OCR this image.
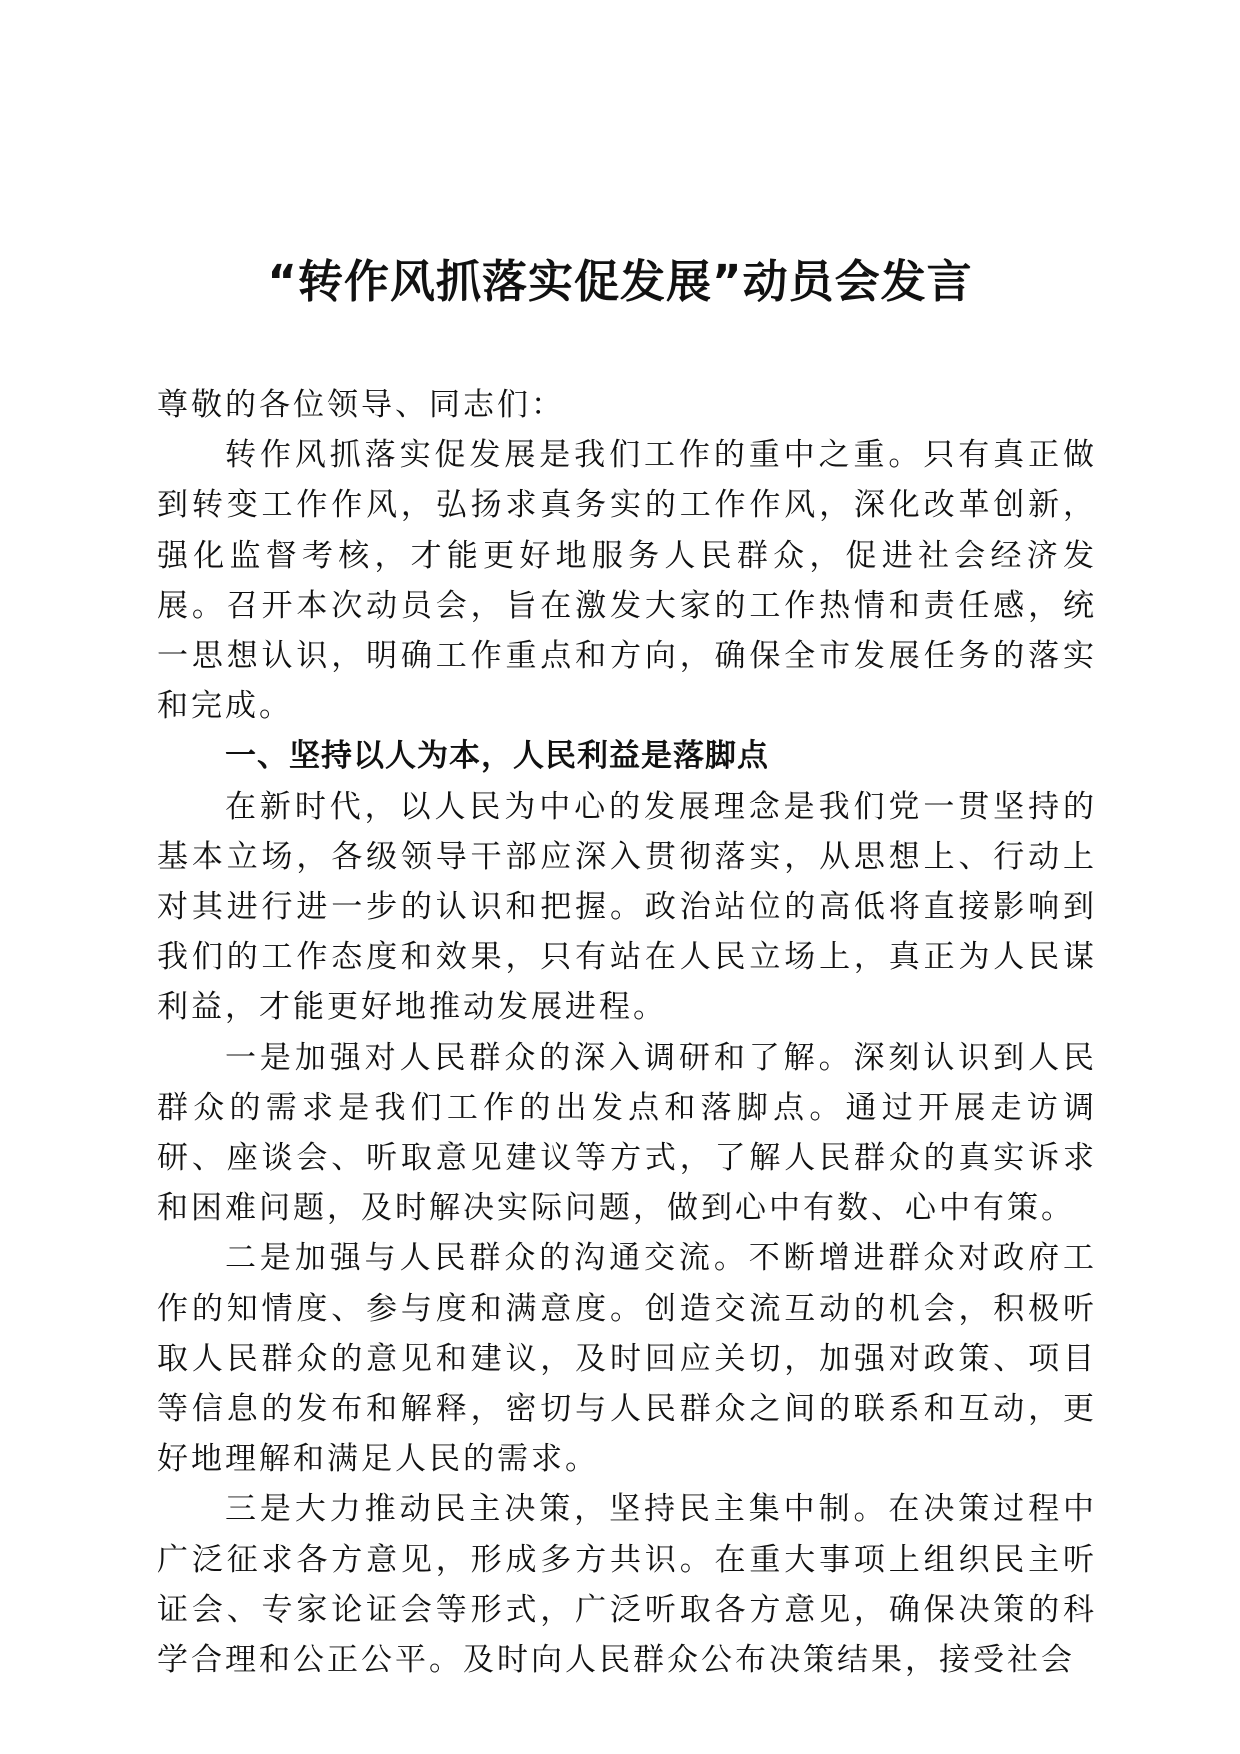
“转作风抓落实促发展”动员会发言

尊敬的各位领导、同志们：

转作风抓落实促发展是我们工作的重中之重。只有真正做到转变工作作风，弘扬求真务实的工作作风，深化改革创新，强化监督考核，才能更好地服务人民群众，促进社会经济发展。召开本次动员会，旨在激发大家的工作热情和责任感，统一思想认识，明确工作重点和方向，确保全市发展任务的落实和完成。

一、坚持以人为本，人民利益是落脚点

在新时代，以人民为中心的发展理念是我们党一贯坚持的基本立场，各级领导干部应深入贯彻落实，从思想上、行动上对其进行进一步的认识和把握。政治站位的高低将直接影响到我们的工作态度和效果，只有站在人民立场上，真正为人民谋利益，才能更好地推动发展进程。

一是加强对人民群众的深入调研和了解。深刻认识到人民群众的需求是我们工作的出发点和落脚点。通过开展走访调研、座谈会、听取意见建议等方式，了解人民群众的真实诉求和困难问题，及时解决实际问题，做到心中有数、心中有策。

二是加强与人民群众的沟通交流。不断增进群众对政府工作的知情度、参与度和满意度。创造交流互动的机会，积极听取人民群众的意见和建议，及时回应关切，加强对政策、项目等信息的发布和解释，密切与人民群众之间的联系和互动，更好地理解和满足人民的需求。

三是大力推动民主决策，坚持民主集中制。在决策过程中广泛征求各方意见，形成多方共识。在重大事项上组织民主听证会、专家论证会等形式，广泛听取各方意见，确保决策的科学合理和公正公平。及时向人民群众公布决策结果，接受社会
